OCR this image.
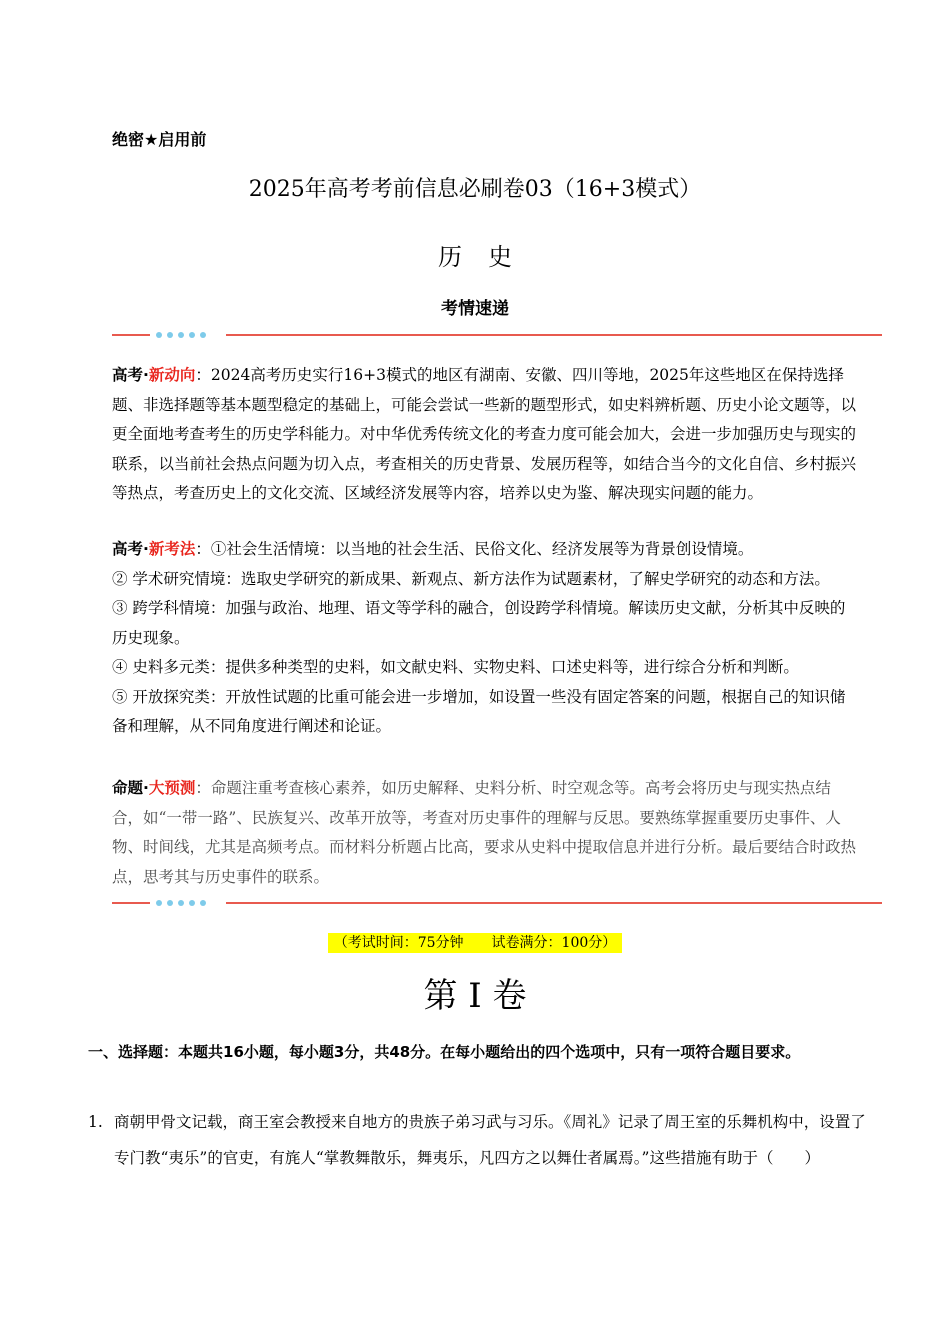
绝密★启用前
2025年高考考前信息必刷卷03（16+3模式）
历史
考情速递
高考·新动向：2024高考历史实行16+3模式的地区有湖南、安徽、四川等地，2025年这些地区在保持选择题、非选择题等基本题型稳定的基础上，可能会尝试一些新的题型形式，如史料辨析题、历史小论文题等，以更全面地考查考生的历史学科能力。对中华优秀传统文化的考查力度可能会加大，会进一步加强历史与现实的联系，以当前社会热点问题为切入点，考查相关的历史背景、发展历程等，如结合当今的文化自信、乡村振兴等热点，考查历史上的文化交流、区域经济发展等内容，培养以史为鉴、解决现实问题的能力。
高考·新考法：①社会生活情境：以当地的社会生活、民俗文化、经济发展等为背景创设情境。
② 学术研究情境：选取史学研究的新成果、新观点、新方法作为试题素材，了解史学研究的动态和方法。
③ 跨学科情境：加强与政治、地理、语文等学科的融合，创设跨学科情境。解读历史文献，分析其中反映的历史现象。
④ 史料多元类：提供多种类型的史料，如文献史料、实物史料、口述史料等，进行综合分析和判断。
⑤ 开放探究类：开放性试题的比重可能会进一步增加，如设置一些没有固定答案的问题，根据自己的知识储备和理解，从不同角度进行阐述和论证。
命题·大预测：命题注重考查核心素养，如历史解释、史料分析、时空观念等。高考会将历史与现实热点结合，如“一带一路”、民族复兴、改革开放等，考查对历史事件的理解与反思。要熟练掌握重要历史事件、人物、时间线，尤其是高频考点。而材料分析题占比高，要求从史料中提取信息并进行分析。最后要结合时政热点，思考其与历史事件的联系。
（考试时间：75分钟　　试卷满分：100分）
第 I 卷
一、选择题：本题共16小题，每小题3分，共48分。在每小题给出的四个选项中，只有一项符合题目要求。
1. 商朝甲骨文记载，商王室会教授来自地方的贵族子弟习武与习乐。《周礼》记录了周王室的乐舞机构中，设置了专门教“夷乐”的官吏，有旄人“掌教舞散乐，舞夷乐，凡四方之以舞仕者属焉。”这些措施有助于（　　）
